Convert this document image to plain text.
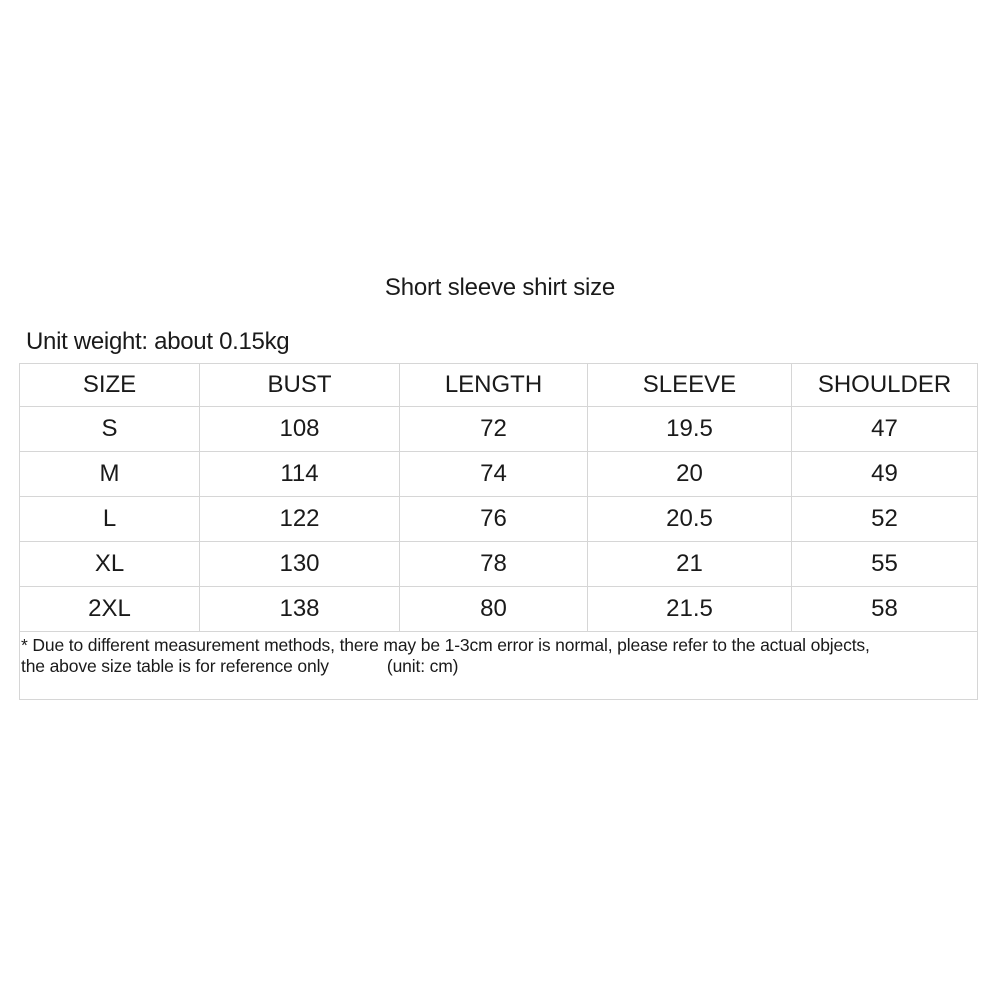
Short sleeve shirt size
Unit weight: about 0.15kg
SIZE	BUST	LENGTH	SLEEVE	SHOULDER
S	108	72	19.5	47
M	114	74	20	49
L	122	76	20.5	52
XL	130	78	21	55
2XL	138	80	21.5	58

* Due to different measurement methods, there may be 1-3cm error is normal, please refer to the actual objects,
the above size table is for reference only (unit: cm)				
